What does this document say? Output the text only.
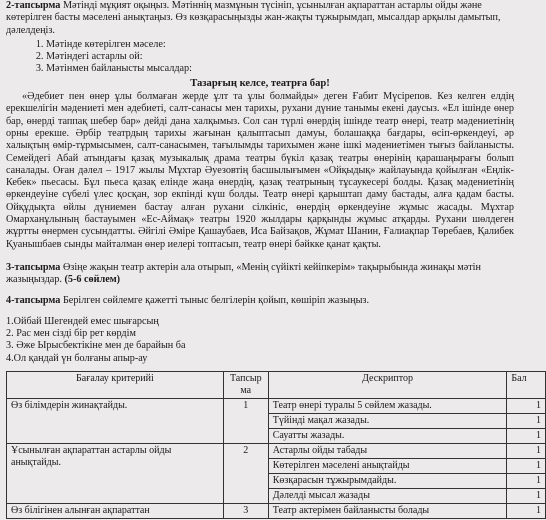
2-тапсырма Мәтінді мұқият оқыңыз. Мәтіннің мазмұнын түсініп, ұсынылған ақпараттан астарлы ойды және көтерілген басты мәселені анықтаңыз. Өз көзқарасыңызды жан-жақты тұжырымдап, мысалдар арқылы дамытып, дәлелдеңіз.

1. Мәтінде көтерілген мәселе:
2. Мәтіндегі астарлы ой:
3. Мәтінмен байланысты мысалдар:
Тазарғың келсе, театрға бар!

«Әдебиет пен өнер ұлы болмаған жерде ұлт та ұлы болмайды» деген Ғабит Мүсірепов. Кез келген елдің ерекшелігін мәдениеті мен әдебиеті, салт-санасы мен тарихы, рухани дүние танымы екені даусыз. «Ел ішінде өнер бар, өнерді таппақ шебер бар» дейді дана халқымыз. Сол сан түрлі өнердің ішінде театр өнері, театр мәдениетінің орны ерекше. Әрбір театрдың тарихы жағынан қалыптасып дамуы, болашаққа бағдары, өсіп-өркендеуі, әр халықтың өмір-тұрмысымен, салт-санасымен, тағылымды тарихымен және ішкі мәдениетімен тығыз байланысты. Семейдегі Абай атындағы қазақ музыкалық драма театры бүкіл қазақ театры өнерінің қарашаңырағы болып саналады. Оған дәлел – 1917 жылы Мұхтар Әуезовтің басшылығымен «Ойқыдық» жайлауында қойылған «Еңлік-Кебек» пьесасы. Бұл пьеса қазақ елінде жаңа өнердің, қазақ театрының тұсаукесері болды. Қазақ мәдениетінің өркендеуіне сүбелі үлес қосқан, зор екпінді күш болды. Театр өнері қарыштап даму бастады, алға қадам басты. Ойқұдықта өйлы дүниемен бастау алған рухани сілкініс, өнердің өркендеуіне жұмыс жасады. Мұхтар Омарханұлының бастауымен «Ес-Аймақ» театры 1920 жылдары қарқынды жұмыс атқарды. Рухани шөлдеген жұртты өнермен сусындатты. Әйгілі Әміре Қашаубаев, Иса Байзақов, Жұмат Шанин, Ғалиақпар Төребаев, Қалибек Қуанышбаев сынды майталман өнер иелері топтасып, театр өнері бәйкке қанат қақты.

3-тапсырма Өзіңе жақын театр актерін ала отырып, «Менің сүйікті кейіпкерім» тақырыбында жинақы мәтін жазыңыздар. (5-6 сөйлем)

4-тапсырма Берілген сөйлемге қажетті тыныс белгілерін қойып, көшіріп жазыңыз.

1.Ойбай Шегендей емес шығарсың
2. Рас мен сізді бір рет көрдім
3. Әже Ырысбектікіне мен де барайын ба
4.Ол қандай үн болғаны апыр-ау
Бағалау критерийі	Тапсыр ма	Дескриптор	Бал
Өз білімдерін жинақтайды.	1	Театр өнері туралы 5 сөйлем жазады.	1
		Түйінді мақал жазады.	1
		Сауатты жазады.	1
Ұсынылған ақпараттан астарлы ойды анықтайды.	2	Астарлы ойды табады	1
		Көтерілген мәселені анықтайды	1
		Көзқарасын тұжырымдайды.	1
		Дәлелді мысал жазады	1
Өз білігінен алынған ақпараттан	3	Театр актерімен байланысты болады	1
